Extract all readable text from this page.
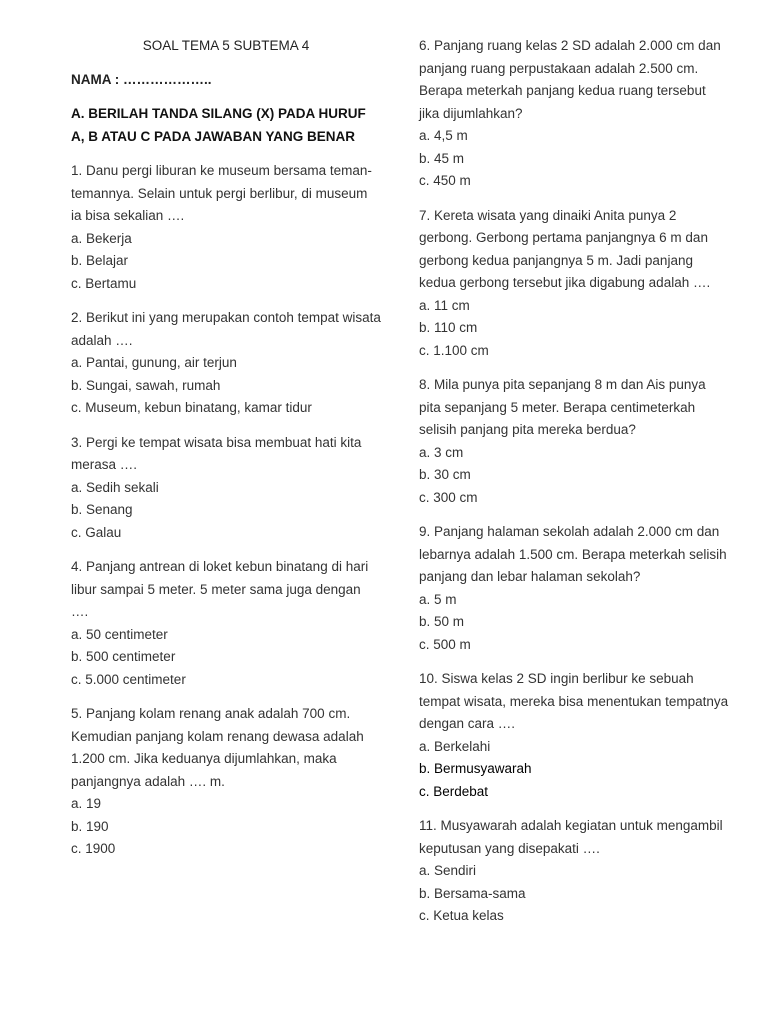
SOAL TEMA 5 SUBTEMA 4
NAMA : ………………..
A. BERILAH TANDA SILANG (X) PADA HURUF A, B ATAU C PADA JAWABAN YANG BENAR
1. Danu pergi liburan ke museum bersama teman-temannya. Selain untuk pergi berlibur, di museum ia bisa sekalian ….
a. Bekerja
b. Belajar
c. Bertamu
2. Berikut ini yang merupakan contoh tempat wisata adalah ….
a. Pantai, gunung, air terjun
b. Sungai, sawah, rumah
c. Museum, kebun binatang, kamar tidur
3. Pergi ke tempat wisata bisa membuat hati kita merasa ….
a. Sedih sekali
b. Senang
c. Galau
4. Panjang antrean di loket kebun binatang di hari libur sampai 5 meter. 5 meter sama juga dengan ….
a. 50 centimeter
b. 500 centimeter
c. 5.000 centimeter
5. Panjang kolam renang anak adalah 700 cm. Kemudian panjang kolam renang dewasa adalah 1.200 cm. Jika keduanya dijumlahkan, maka panjangnya adalah …. m.
a. 19
b. 190
c. 1900
6. Panjang ruang kelas 2 SD adalah 2.000 cm dan panjang ruang perpustakaan adalah 2.500 cm. Berapa meterkah panjang kedua ruang tersebut jika dijumlahkan?
a. 4,5 m
b. 45 m
c. 450 m
7. Kereta wisata yang dinaiki Anita punya 2 gerbong. Gerbong pertama panjangnya 6 m dan gerbong kedua panjangnya 5 m. Jadi panjang kedua gerbong tersebut jika digabung adalah ….
a. 11 cm
b. 110 cm
c. 1.100 cm
8. Mila punya pita sepanjang 8 m dan Ais punya pita sepanjang 5 meter. Berapa centimeterkah selisih panjang pita mereka berdua?
a. 3 cm
b. 30 cm
c. 300 cm
9. Panjang halaman sekolah adalah 2.000 cm dan lebarnya adalah 1.500 cm. Berapa meterkah selisih panjang dan lebar halaman sekolah?
a. 5 m
b. 50 m
c. 500 m
10. Siswa kelas 2 SD ingin berlibur ke sebuah tempat wisata, mereka bisa menentukan tempatnya dengan cara ….
a. Berkelahi
b. Bermusyawarah
c. Berdebat
11. Musyawarah adalah kegiatan untuk mengambil keputusan yang disepakati ….
a. Sendiri
b. Bersama-sama
c. Ketua kelas
